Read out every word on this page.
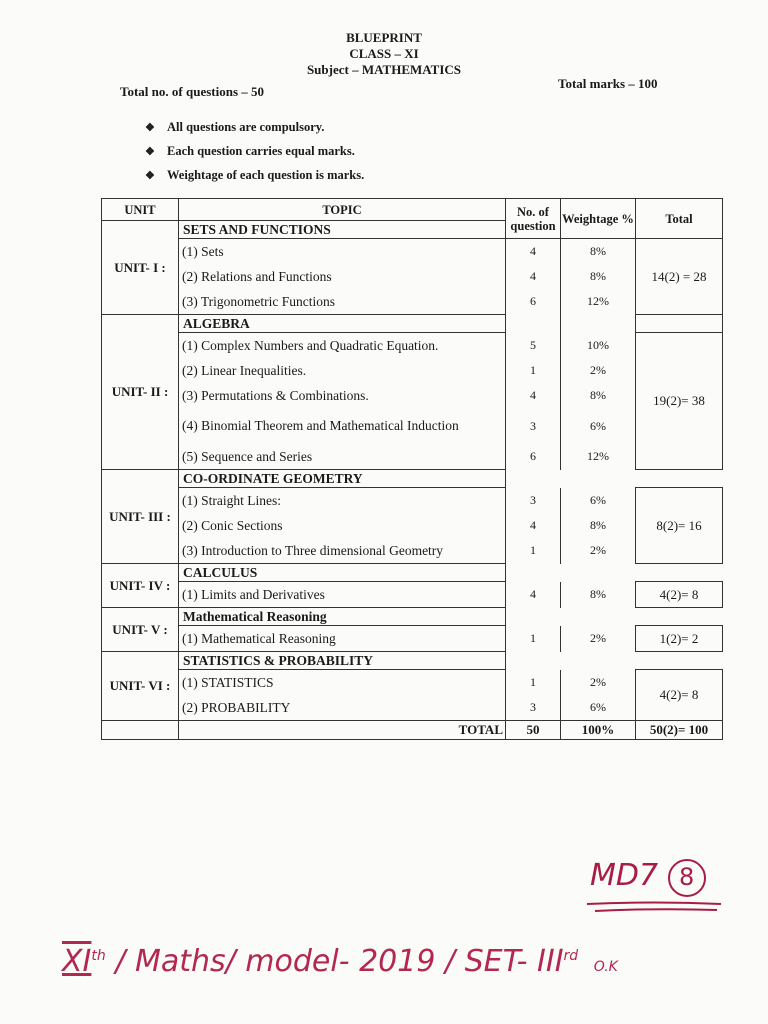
BLUEPRINT
CLASS – XI
Subject – MATHEMATICS
Total no. of questions – 50
Total marks – 100
❖ All questions are compulsory.
❖ Each question carries equal marks.
❖ Weightage of each question is marks.
UNIT	TOPIC	No. of question	Weightage %	Total
UNIT- I :	SETS AND FUNCTIONS			
	(1) Sets	4	8%	14(2) = 28
	(2) Relations and Functions	4	8%	
	(3) Trigonometric Functions	6	12%	
UNIT- II :	ALGEBRA			
	(1) Complex Numbers and Quadratic Equation.	5	10%	19(2)= 38
	(2) Linear Inequalities.	1	2%	
	(3) Permutations & Combinations.	4	8%	
	(4) Binomial Theorem and Mathematical Induction	3	6%	
	(5) Sequence and Series	6	12%	
UNIT- III :	CO-ORDINATE GEOMETRY			
	(1) Straight Lines:	3	6%	8(2)= 16
	(2) Conic Sections	4	8%	
	(3) Introduction to Three dimensional Geometry	1	2%	
UNIT- IV :	CALCULUS			
	(1) Limits and Derivatives	4	8%	4(2)= 8
UNIT- V :	Mathematical Reasoning			
	(1) Mathematical Reasoning	1	2%	1(2)= 2
UNIT- VI :	STATISTICS & PROBABILITY			
	(1) STATISTICS	1	2%	4(2)= 8
	(2) PROBABILITY	3	6%	
	TOTAL	50	100%	50(2)= 100
MD7 8
XIth / Maths/ model- 2019 / SET- IIIrd O.K
